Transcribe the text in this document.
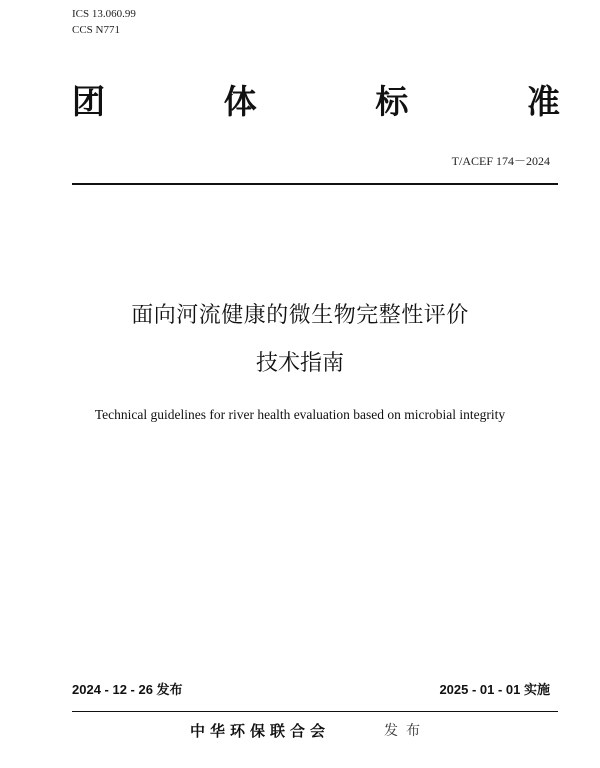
ICS 13.060.99
CCS N771
团	体	标	准
T/ACEF 174－2024
面向河流健康的微生物完整性评价
技术指南
Technical guidelines for river health evaluation based on microbial integrity
2024 - 12 - 26 发布	2025 - 01 - 01 实施
中华环保联合会	发布
